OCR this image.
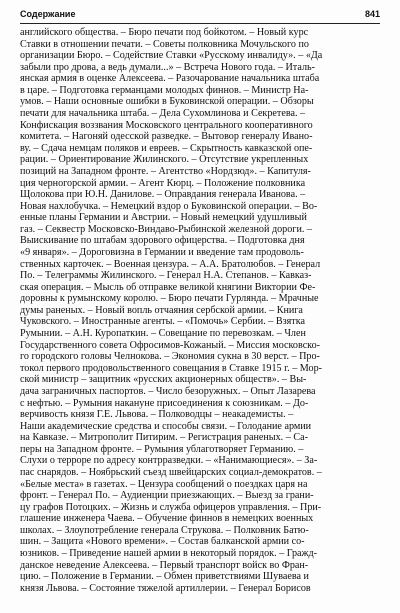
Содержание	841
английского общества. – Бюро печати под бойкотом. – Новый курс
Ставки в отношении печати. – Советы полковника Мочульского по
организации Бюро. – Содействие Ставки «Русскому инвалиду». – «Да
забыли про дрова, а ведь думали...» – Встреча Нового года. – Италь-
янская армия в оценке Алексеева. – Разочарование начальника штаба
в царе. – Подготовка германцами молодых финнов. – Министр На-
умов. – Наши основные ошибки в Буковинской операции. – Обзоры
печати для начальника штаба. – Дела Сухомлинова и Секретева. –
Конфискация воззвания Московского центрального кооперативного
комитета. – Нагоняй одесской разведке. – Вытовор генералу Ивано-
ву. – Сдача немцам поляков и евреев. – Скрытность кавказской опе-
рации. – Ориентирование Жилинского. – Отсутствие укрепленных
позиций на Западном фронте. – Агентство «Нордзюд». – Капитуля-
ция черногорской армии. – Агент Кюрц. – Положение полковника
Щолокова при Ю.Н. Данилове. – Оправдания генерала Иванова. –
Новая нахлобучка. – Немецкий вздор о Буковинской операции. – Во-
енные планы Германии и Австрии. – Новый немецкий удушливый
газ. – Секвестр Московско-Виндаво-Рыбинской железной дороги. –
Выискивание по штабам здорового офицерства. – Подготовка дня
«9 января». – Дороговизна в Германии и введение там продоволь-
ственных карточек. – Военная цензура. – А.А. Братолюбов. – Генерал
По. – Телеграммы Жилинского. – Генерал Н.А. Степанов. – Кавказ-
ская операция. – Мысль об отправке великой княгини Виктории Фе-
доровны к румынскому королю. – Бюро печати Гурлянда. – Мрачные
думы раненых. – Новый вопль отчаяния сербской армии. – Книга
Чуковского. – Иностранные агенты. – «Помочь» Сербии. – Взятка
Румынии. – А.Н. Куропаткин. – Совещание по перевозкам. – Член
Государственного совета Офросимов-Кожаный. – Миссия московско-
го городского головы Челнокова. – Экономия сукна в 30 верст. – Про-
токол первого продовольственного совещания в Ставке 1915 г. – Мор-
ской министр – защитник «русских акционерных обществ». – Вы-
дача заграничных паспортов. – Число безоружных. – Опыт Лазарева
с нефтью. – Румыния накануне присоединения к союзникам. – До-
верчивость князя Г.Е. Львова. – Полководцы – неакадемисты. –
Наши академические средства и способы связи. – Голодание армии
на Кавказе. – Митрополит Питирим. – Регистрация раненых. – Са-
перы на Западном фронте. – Румыния ублаготворяет Германию. –
Слухи о терроре по адресу контрразведки. – «Нанимающиеся». – За-
пас снарядов. – Ноябрьский съезд швейцарских социал-демократов. –
«Белые места» в газетах. – Цензура сообщений о поездках царя на
фронт. – Генерал По. – Аудиенции приезжающих. – Выезд за грани-
цу графов Потоцких. – Жизнь и служба офицеров управления. – При-
глашение инженера Чаева. – Обучение финнов в немецких военных
школах. – Злоупотребление генерала Струкова. – Полковник Батю-
шин. – Защита «Нового времени». – Состав балканской армии со-
юзников. – Приведение нашей армии в некоторый порядок. – Гражд-
данское неведение Алексеева. – Первый транспорт войск во Фран-
цию. – Положение в Германии. – Обмен приветствиями Шуваева и
князя Львова. – Состояние тяжелой артиллерии. – Генерал Борисов
